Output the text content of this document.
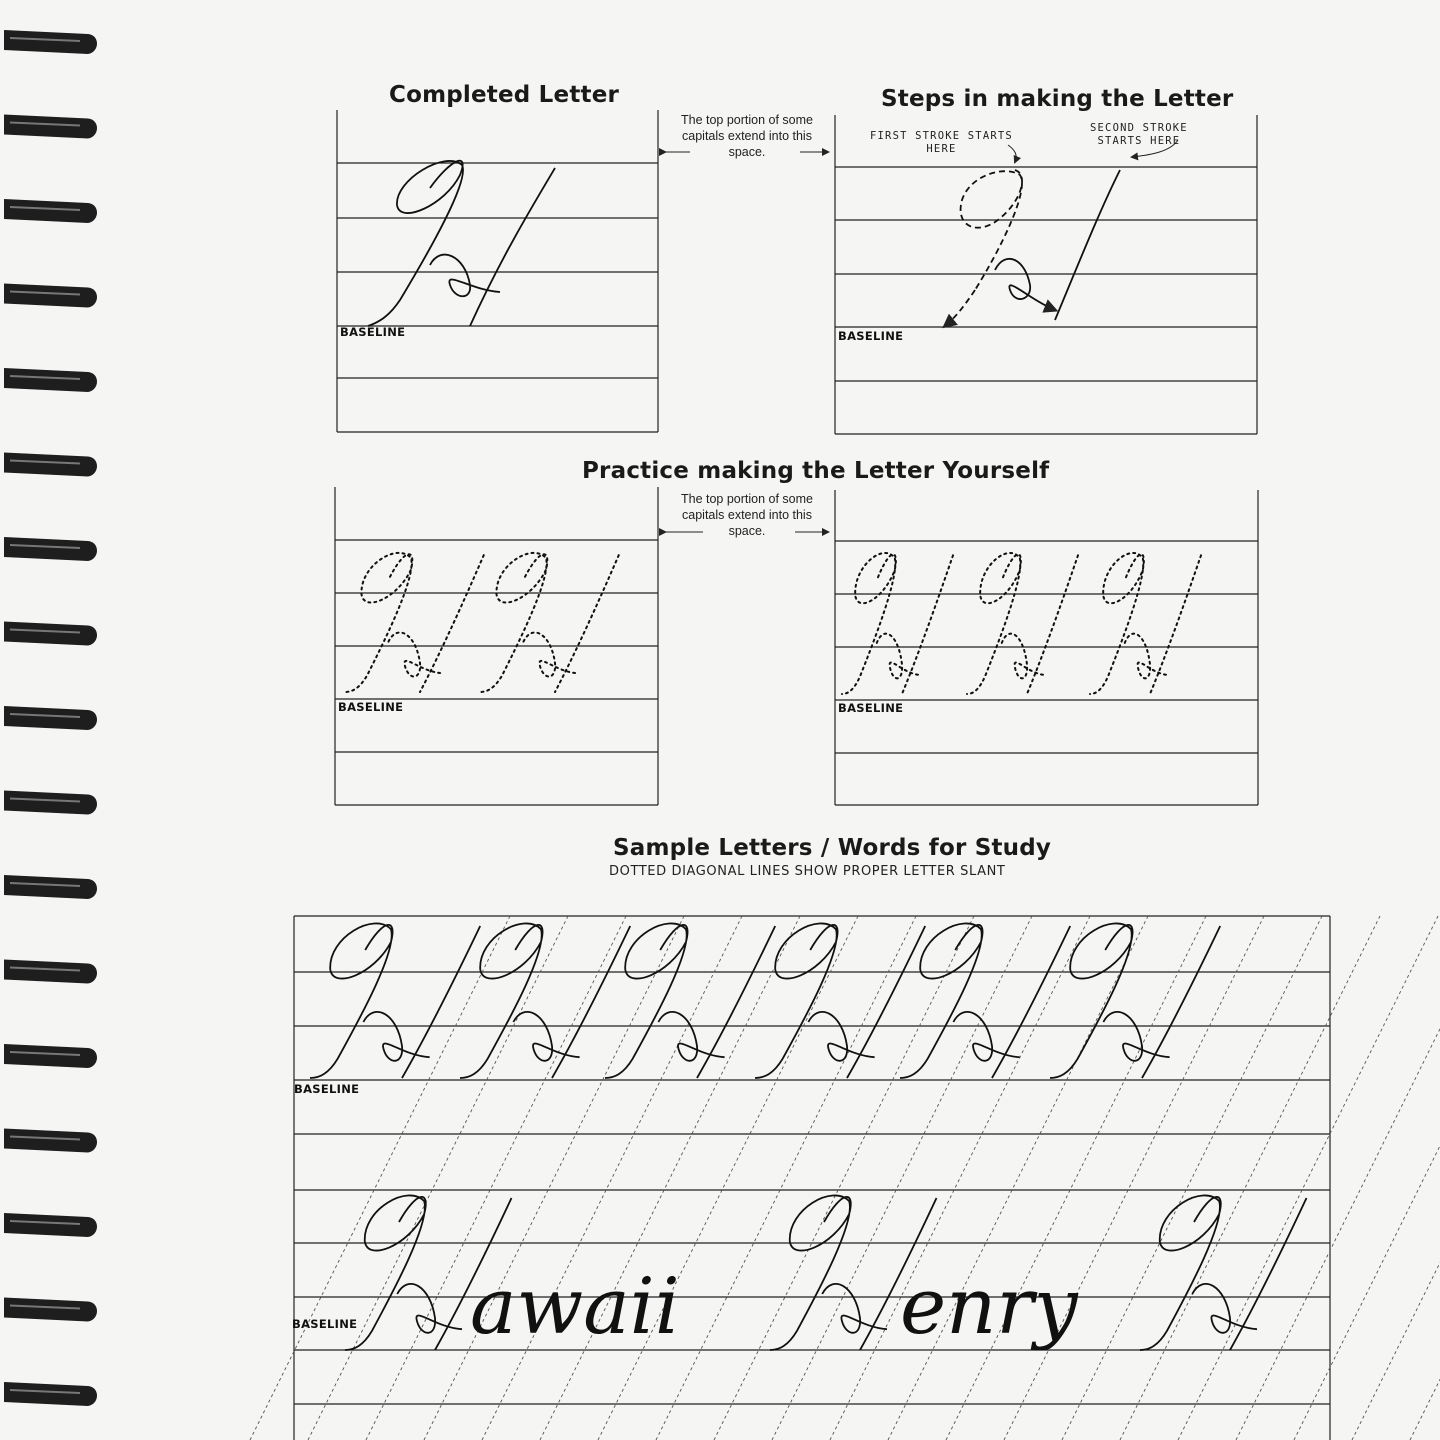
Completed Letter	Steps in making the Letter
Practice making the Letter Yourself
Sample Letters / Words for Study
DOTTED DIAGONAL LINES SHOW PROPER LETTER SLANT
The top portion of some capitals extend into this space.
The top portion of some capitals extend into this space.
FIRST STROKE STARTS
HERE
SECOND STROKE
STARTS HERE
BASELINE	BASELINE
BASELINE	BASELINE
BASELINE
BASELINE awaii	enry
